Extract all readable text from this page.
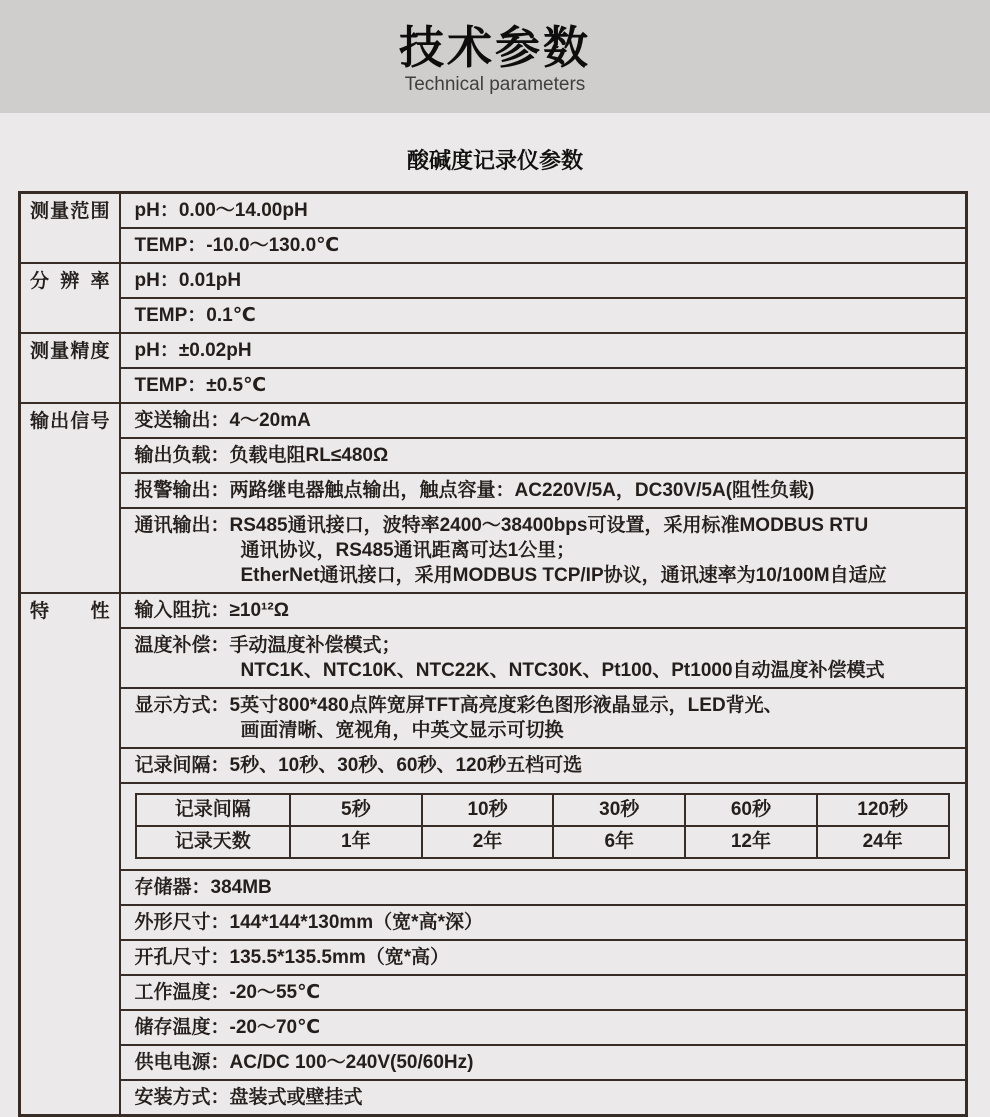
技术参数
Technical parameters
酸碱度记录仪参数
测量范围	pH：0.00～14.00pH
TEMP：-10.0～130.0℃
分辨率	pH：0.01pH
TEMP：0.1℃
测量精度	pH：±0.02pH
TEMP：±0.5℃
输出信号	变送输出：4～20mA
输出负载：负载电阻RL≤480Ω
报警输出：两路继电器触点输出，触点容量：AC220V/5A，DC30V/5A(阻性负载)

通讯输出：RS485通讯接口，波特率2400～38400bps可设置，采用标准MODBUS RTU
通讯协议，RS485通讯距离可达1公里；
EtherNet通讯接口，采用MODBUS TCP/IP协议，通讯速率为10/100M自适应

特性	输入阻抗：≥10¹²Ω

温度补偿：手动温度补偿模式；
NTC1K、NTC10K、NTC22K、NTC30K、Pt100、Pt1000自动温度补偿模式

显示方式：5英寸800*480点阵宽屏TFT高亮度彩色图形液晶显示，LED背光、
画面清晰、宽视角，中英文显示可切换

记录间隔：5秒、10秒、30秒、60秒、120秒五档可选

记录间隔	5秒	10秒	30秒	60秒	120秒
记录天数	1年	2年	6年	12年	24年

存储器：384MB
外形尺寸：144*144*130mm（宽*高*深）
开孔尺寸：135.5*135.5mm（宽*高）
工作温度：-20～55℃
储存温度：-20～70℃
供电电源：AC/DC 100～240V(50/60Hz)
安装方式：盘装式或壁挂式
